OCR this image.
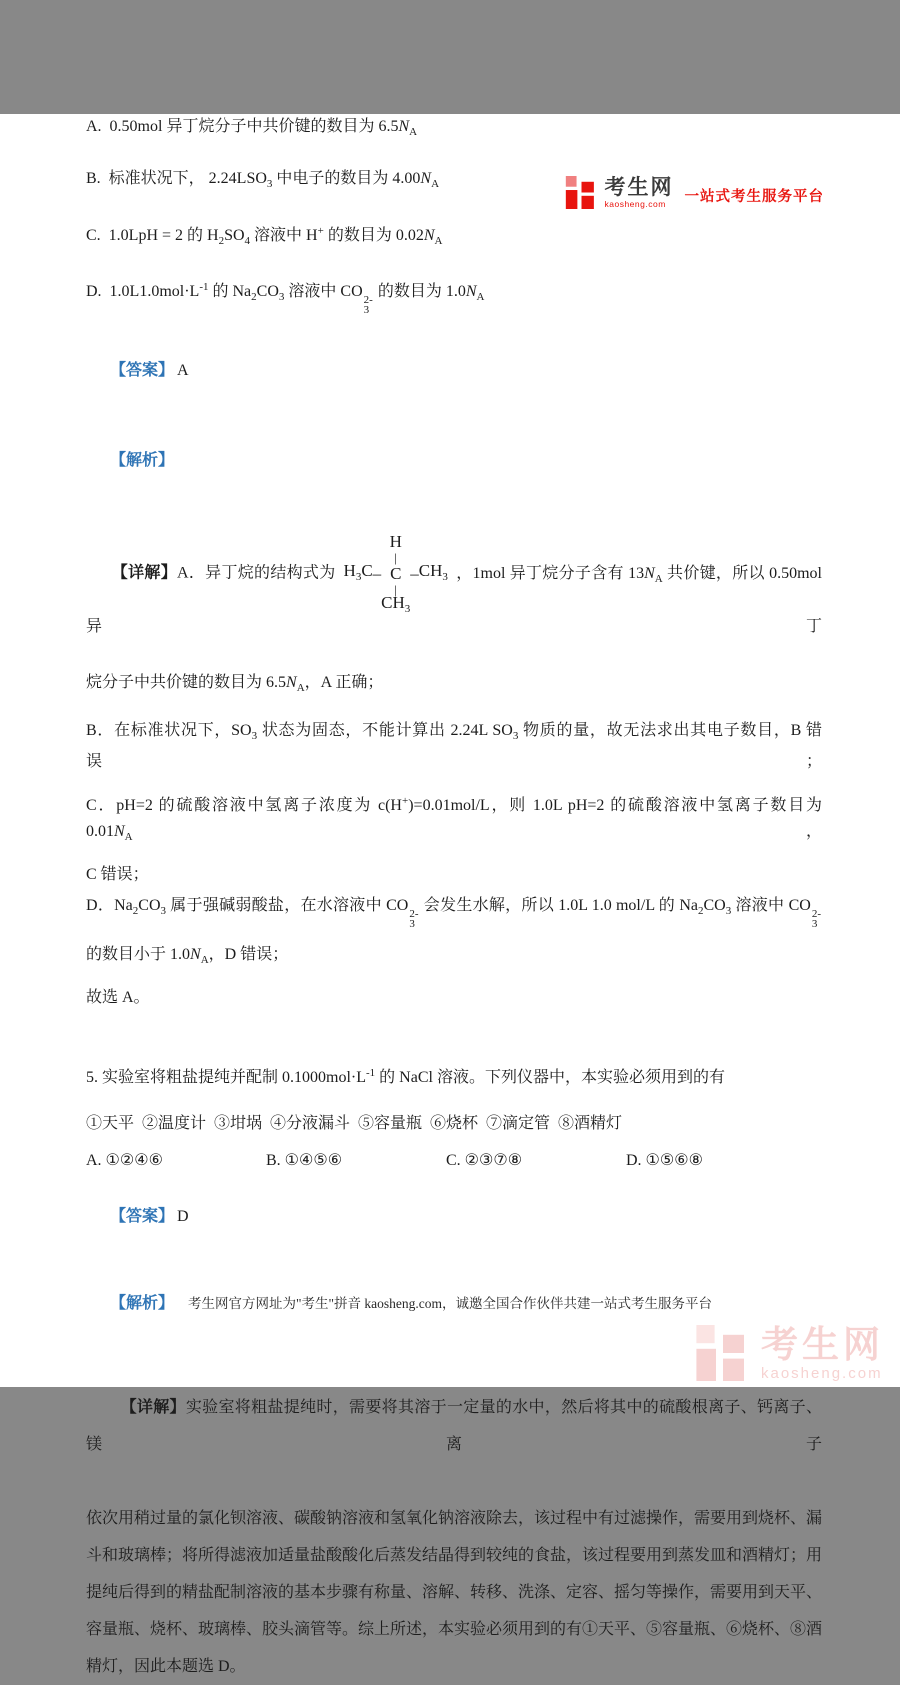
考生网
kaosheng.com	一站式考生服务平台
A.  0.50mol 异丁烷分子中共价键的数目为 $6.5N_A$
B.  标准状况下， $2.24LSO_3$ 中电子的数目为 $4.00N_A$
C.  1.0LpH = 2 的 $H_2SO_4$ 溶液中 H+ 的数目为 $0.02N_A$
D.  $1.0L1.0mol\cdot L^{-1}$ 的 $Na_2CO_3$ 溶液中 CO 2-
3
的数目为 $1.0N_A$

【答案】 A

【解析】

【详解】A．异丁烷的结构式为
H
|
$H_3C$ – C – $CH_3$
|
$CH_3$
，1mol 异丁烷分子含有 $13N_A$ 共价键，所以 0.50mol 异丁

烷分子中共价键的数目为 $6.5N_A$，A 正确；
B．在标准状况下，$SO_3$ 状态为固态，不能计算出 2.24L $SO_3$ 物质的量，故无法求出其电子数目，B 错误；
C．pH=2 的硫酸溶液中氢离子浓度为 c(H+)=0.01mol/L，则 1.0L pH=2 的硫酸溶液中氢离子数目为 $0.01N_A$，
C 错误；
D．$Na_2CO_3$ 属于强碱弱酸盐，在水溶液中 CO 2-
3
会发生水解，所以 1.0L 1.0 mol/L 的 $Na_2CO_3$ 溶液中 CO 2-
3
的数目小于 $1.0N_A$，D 错误；
故选 A。
5. 实验室将粗盐提纯并配制 $0.1000mol\cdot L^{-1}$ 的 NaCl 溶液。下列仪器中，本实验必须用到的有
①天平  ②温度计  ③坩埚  ④分液漏斗  ⑤容量瓶  ⑥烧杯  ⑦滴定管  ⑧酒精灯
A. ①②④⑥	B. ①④⑤⑥	C. ②③⑦⑧	D. ①⑤⑥⑧

【答案】 D

【解析】

【详解】实验室将粗盐提纯时，需要将其溶于一定量的水中，然后将其中的硫酸根离子、钙离子、镁离子

依次用稍过量的氯化钡溶液、碳酸钠溶液和氢氧化钠溶液除去，该过程中有过滤操作，需要用到烧杯、漏
斗和玻璃棒；将所得滤液加适量盐酸酸化后蒸发结晶得到较纯的食盐，该过程要用到蒸发皿和酒精灯；用
提纯后得到的精盐配制溶液的基本步骤有称量、溶解、转移、洗涤、定容、摇匀等操作，需要用到天平、
容量瓶、烧杯、玻璃棒、胶头滴管等。综上所述，本实验必须用到的有①天平、⑤容量瓶、⑥烧杯、⑧酒
精灯，因此本题选 D。
考生网官方网址为"考生"拼音 kaosheng.com，诚邀全国合作伙伴共建一站式考生服务平台
考生网
kaosheng.com
